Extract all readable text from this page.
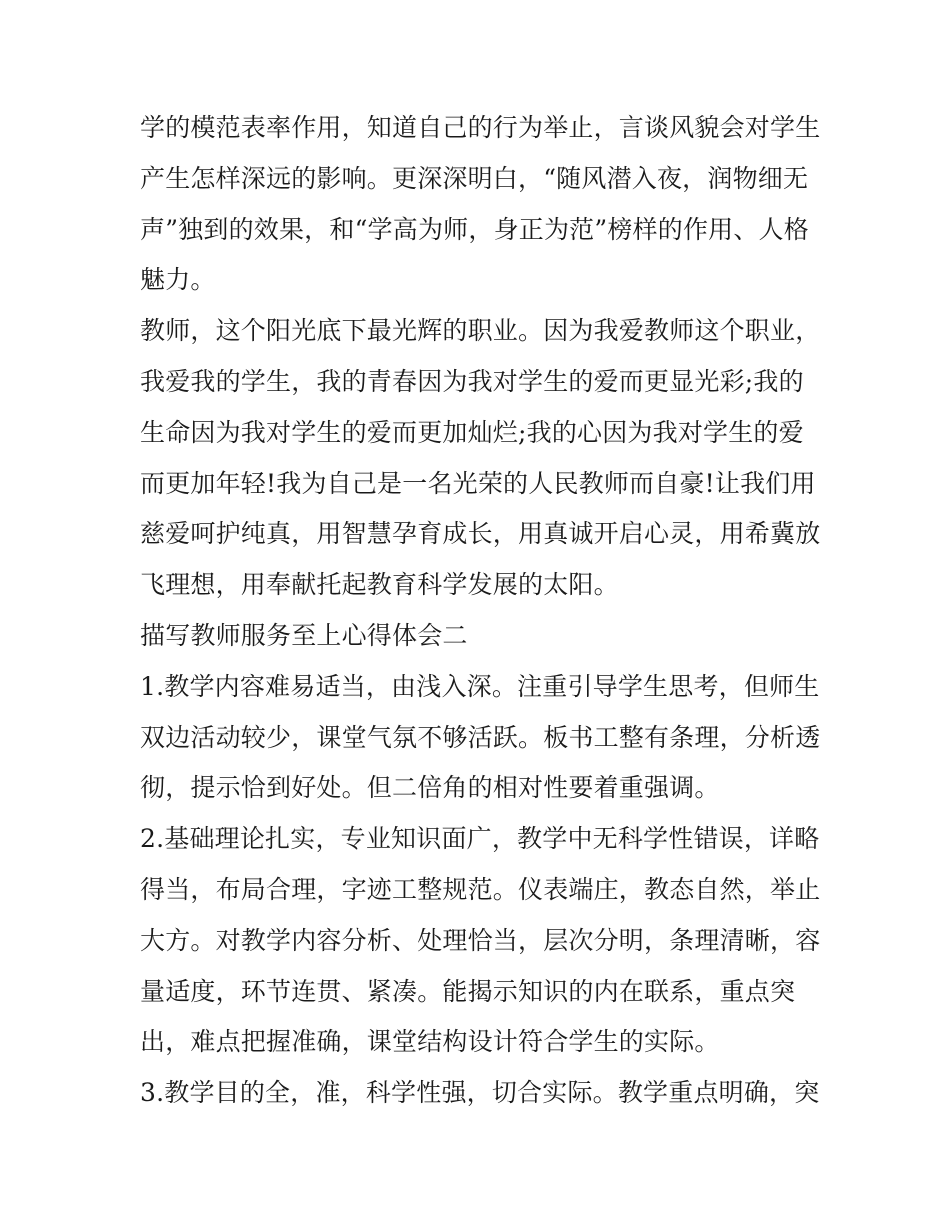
学的模范表率作用，知道自己的行为举止，言谈风貌会对学生
产生怎样深远的影响。更深深明白，“随风潜入夜，润物细无
声”独到的效果，和“学高为师，身正为范”榜样的作用、人格
魅力。

教师，这个阳光底下最光辉的职业。因为我爱教师这个职业，
我爱我的学生，我的青春因为我对学生的爱而更显光彩;我的
生命因为我对学生的爱而更加灿烂;我的心因为我对学生的爱
而更加年轻!我为自己是一名光荣的人民教师而自豪!让我们用
慈爱呵护纯真，用智慧孕育成长，用真诚开启心灵，用希冀放
飞理想，用奉献托起教育科学发展的太阳。

描写教师服务至上心得体会二

1.教学内容难易适当，由浅入深。注重引导学生思考，但师生
双边活动较少，课堂气氛不够活跃。板书工整有条理，分析透
彻，提示恰到好处。但二倍角的相对性要着重强调。

2.基础理论扎实，专业知识面广，教学中无科学性错误，详略
得当，布局合理，字迹工整规范。仪表端庄，教态自然，举止
大方。对教学内容分析、处理恰当，层次分明，条理清晰，容
量适度，环节连贯、紧凑。能揭示知识的内在联系，重点突
出，难点把握准确，课堂结构设计符合学生的实际。

3.教学目的全，准，科学性强，切合实际。教学重点明确，突
